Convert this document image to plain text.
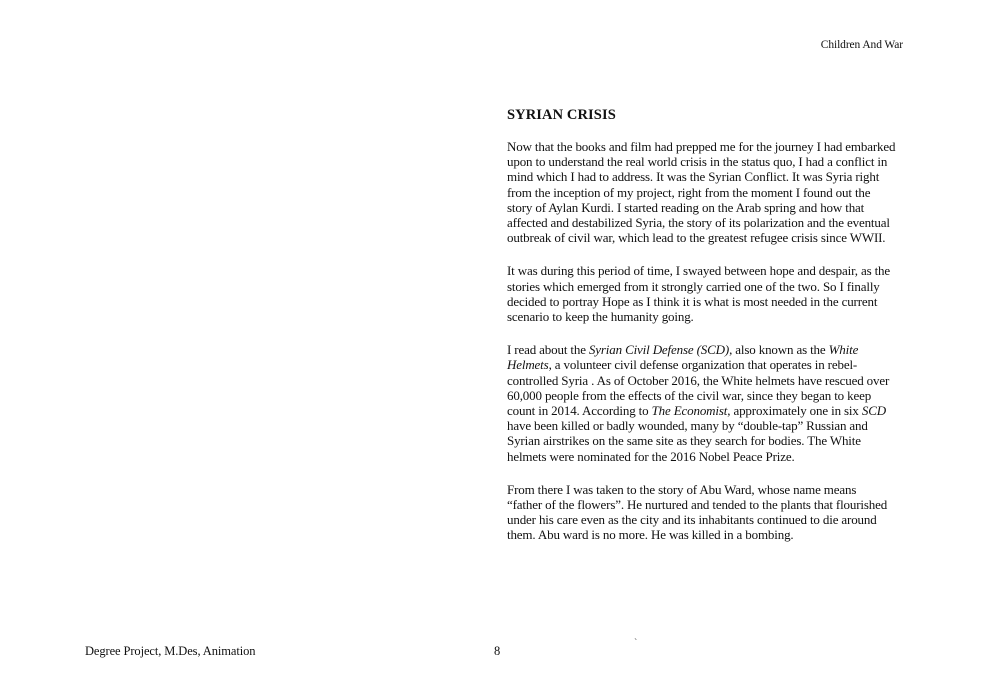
Children And War
SYRIAN CRISIS
Now that the books and film had prepped me for the journey I had embarked
upon to understand the real world crisis in the status quo, I had a conflict in
mind which I had to address. It was the Syrian Conflict. It was Syria right
from the inception of my project, right from the moment I found out the
story of Aylan Kurdi. I started reading on the Arab spring and how that
affected and destabilized Syria, the story of its polarization and the eventual
outbreak of civil war, which lead to the greatest refugee crisis since WWII.
It was during this period of time, I swayed between hope and despair, as the
stories which emerged from it strongly carried one of the two. So I finally
decided to portray Hope as I think it is what is most needed in the current
scenario to keep the humanity going.
I read about the Syrian Civil Defense (SCD), also known as the White
Helmets, a volunteer civil defense organization that operates in rebel-
controlled Syria . As of October 2016, the White helmets have rescued over
60,000 people from the effects of the civil war, since they began to keep
count in 2014. According to The Economist, approximately one in six SCD
have been killed or badly wounded, many by “double-tap” Russian and
Syrian airstrikes on the same site as they search for bodies. The White
helmets were nominated for the 2016 Nobel Peace Prize.
From there I was taken to the story of Abu Ward, whose name means
“father of the flowers”. He nurtured and tended to the plants that flourished
under his care even as the city and its inhabitants continued to die around
them. Abu ward is no more. He was killed in a bombing.
Degree Project, M.Des, Animation	8
`
